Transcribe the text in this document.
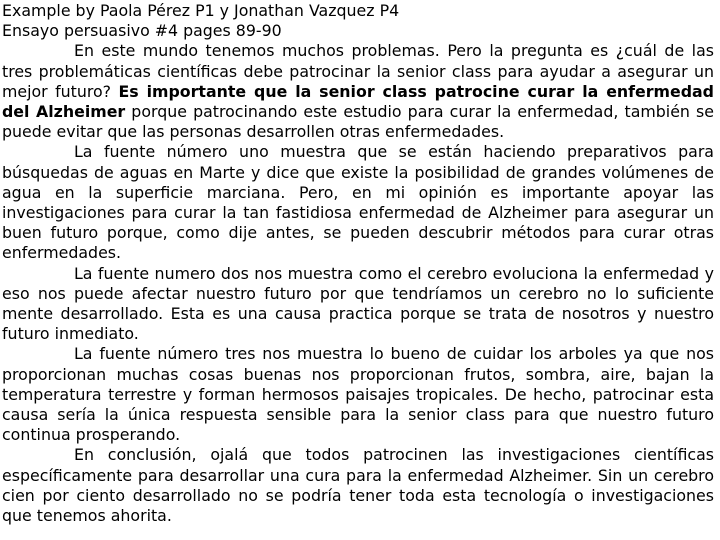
Example by Paola Pérez P1 y Jonathan Vazquez P4
Ensayo persuasivo #4 pages 89-90

En este mundo tenemos muchos problemas. Pero la pregunta es ¿cuál de las tres problemáticas científicas debe patrocinar la senior class para ayudar a asegurar un mejor futuro? Es importante que la senior class patrocine curar la enfermedad del Alzheimer porque patrocinando este estudio para curar la enfermedad, también se puede evitar que las personas desarrollen otras enfermedades.

La fuente número uno muestra que se están haciendo preparativos para búsquedas de aguas en Marte y dice que existe la posibilidad de grandes volúmenes de agua en la superficie marciana. Pero, en mi opinión es importante apoyar las investigaciones para curar la tan fastidiosa enfermedad de Alzheimer para asegurar un buen futuro porque, como dije antes, se pueden descubrir métodos para curar otras enfermedades.

La fuente numero dos nos muestra como el cerebro evoluciona la enfermedad y eso nos puede afectar nuestro futuro por que tendríamos un cerebro no lo suficiente mente desarrollado. Esta es una causa practica porque se trata de nosotros y nuestro futuro inmediato.

La fuente número tres nos muestra lo bueno de cuidar los arboles ya que nos proporcionan muchas cosas buenas nos proporcionan frutos, sombra, aire, bajan la temperatura terrestre y forman hermosos paisajes tropicales. De hecho, patrocinar esta causa sería la única respuesta sensible para la senior class para que nuestro futuro continua prosperando.

En conclusión, ojalá que todos patrocinen las investigaciones científicas específicamente para desarrollar una cura para la enfermedad Alzheimer. Sin un cerebro cien por ciento desarrollado no se podría tener toda esta tecnología o investigaciones que tenemos ahorita.
